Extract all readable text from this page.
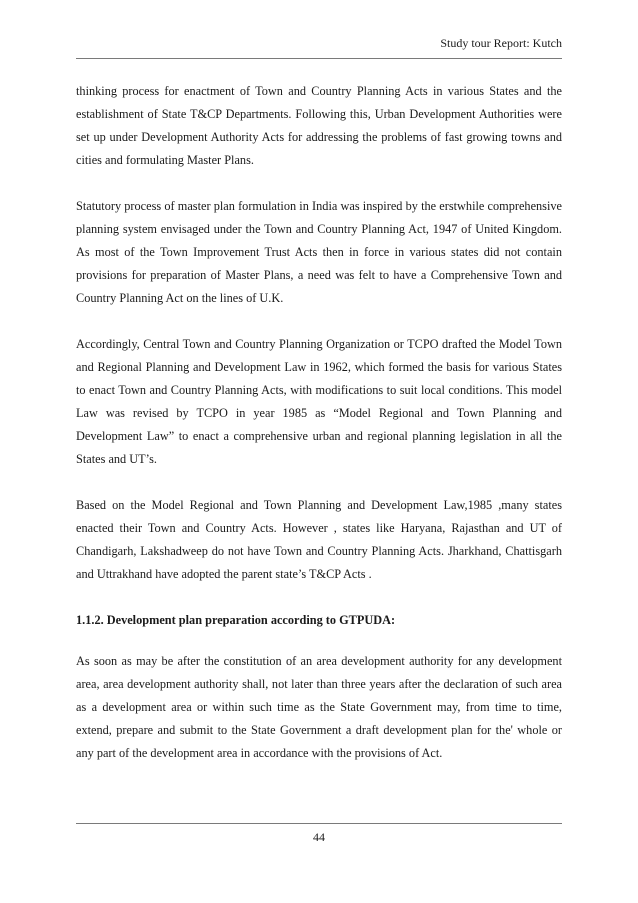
Study tour Report: Kutch

thinking process for enactment of Town and Country Planning Acts in various States and the establishment of State T&CP Departments. Following this, Urban Development Authorities were set up under Development Authority Acts for addressing the problems of fast growing towns and cities and formulating Master Plans.

Statutory process of master plan formulation in India was inspired by the erstwhile comprehensive planning system envisaged under the Town and Country Planning Act, 1947 of United Kingdom. As most of the Town Improvement Trust Acts then in force in various states did not contain provisions for preparation of Master Plans, a need was felt to have a Comprehensive Town and Country Planning Act on the lines of U.K.

Accordingly, Central Town and Country Planning Organization or TCPO drafted the Model Town and Regional Planning and Development Law in 1962, which formed the basis for various States to enact Town and Country Planning Acts, with modifications to suit local conditions. This model Law was revised by TCPO in year 1985 as “Model Regional and Town Planning and Development Law” to enact a comprehensive urban and regional planning legislation in all the States and UT’s.

Based on the Model Regional and Town Planning and Development Law,1985 ,many states enacted their Town and Country Acts. However , states like Haryana, Rajasthan and UT of Chandigarh, Lakshadweep do not have Town and Country Planning Acts. Jharkhand, Chattisgarh and Uttrakhand have adopted the parent state’s T&CP Acts .

1.1.2. Development plan preparation according to GTPUDA:

As soon as may be after the constitution of an area development authority for any development area, area development authority shall, not later than three years after the declaration of such area as a development area or within such time as the State Government may, from time to time, extend, prepare and submit to the State Government a draft development plan for the' whole or any part of the development area in accordance with the provisions of Act.

44
